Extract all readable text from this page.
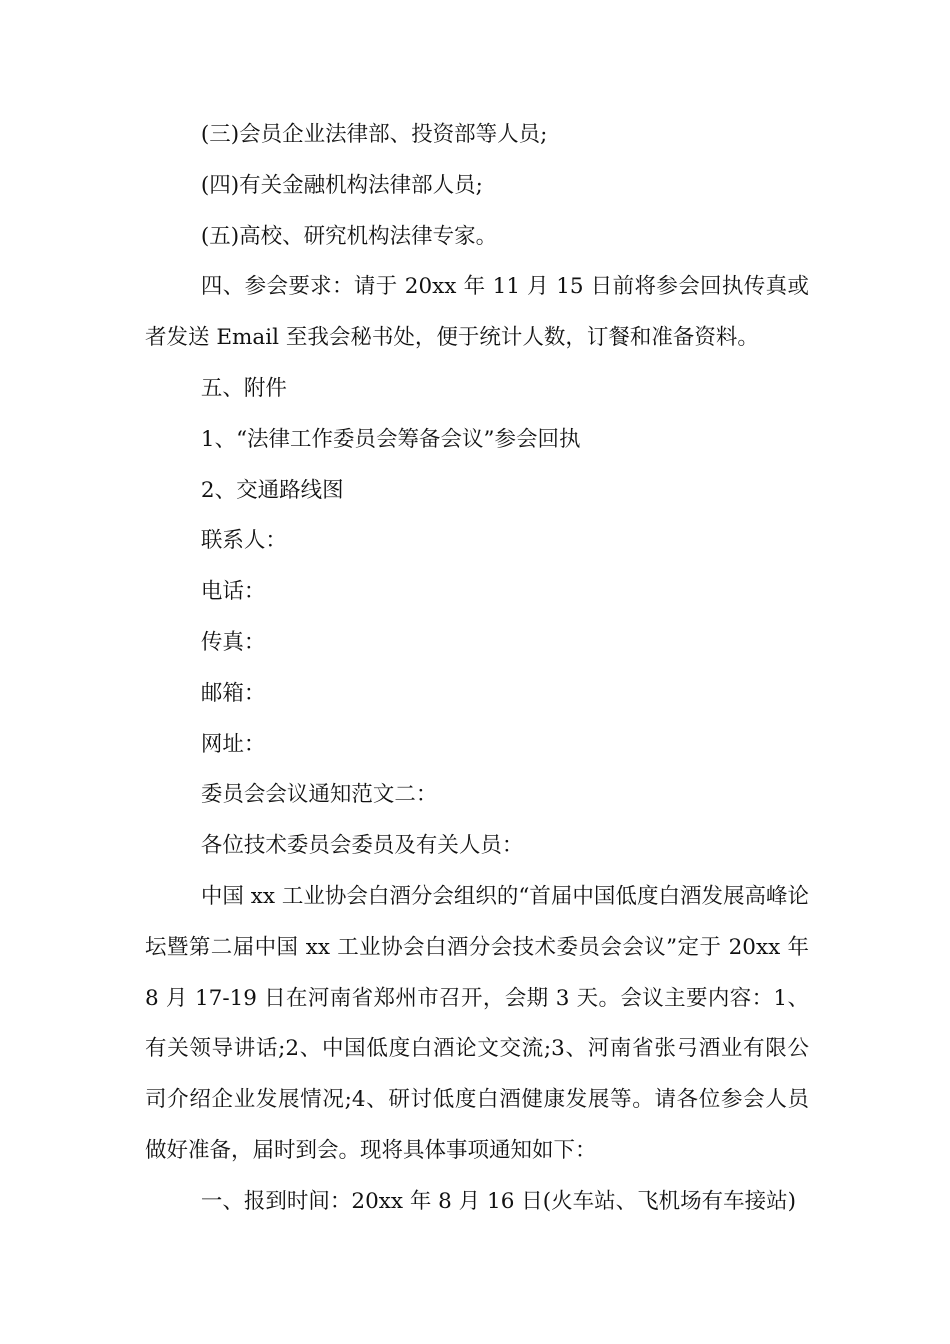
(三)会员企业法律部、投资部等人员;

(四)有关金融机构法律部人员;

(五)高校、研究机构法律专家。

四、参会要求：请于 20xx 年 11 月 15 日前将参会回执传真或者发送 Email 至我会秘书处，便于统计人数，订餐和准备资料。

五、附件

1、“法律工作委员会筹备会议”参会回执

2、交通路线图

联系人：

电话：

传真：

邮箱：

网址：

委员会会议通知范文二：

各位技术委员会委员及有关人员：

中国 xx 工业协会白酒分会组织的“首届中国低度白酒发展高峰论坛暨第二届中国 xx 工业协会白酒分会技术委员会会议”定于 20xx 年 8 月 17-19 日在河南省郑州市召开，会期 3 天。会议主要内容：1、有关领导讲话;2、中国低度白酒论文交流;3、河南省张弓酒业有限公司介绍企业发展情况;4、研讨低度白酒健康发展等。请各位参会人员做好准备，届时到会。现将具体事项通知如下：

一、报到时间：20xx 年 8 月 16 日(火车站、飞机场有车接站)
